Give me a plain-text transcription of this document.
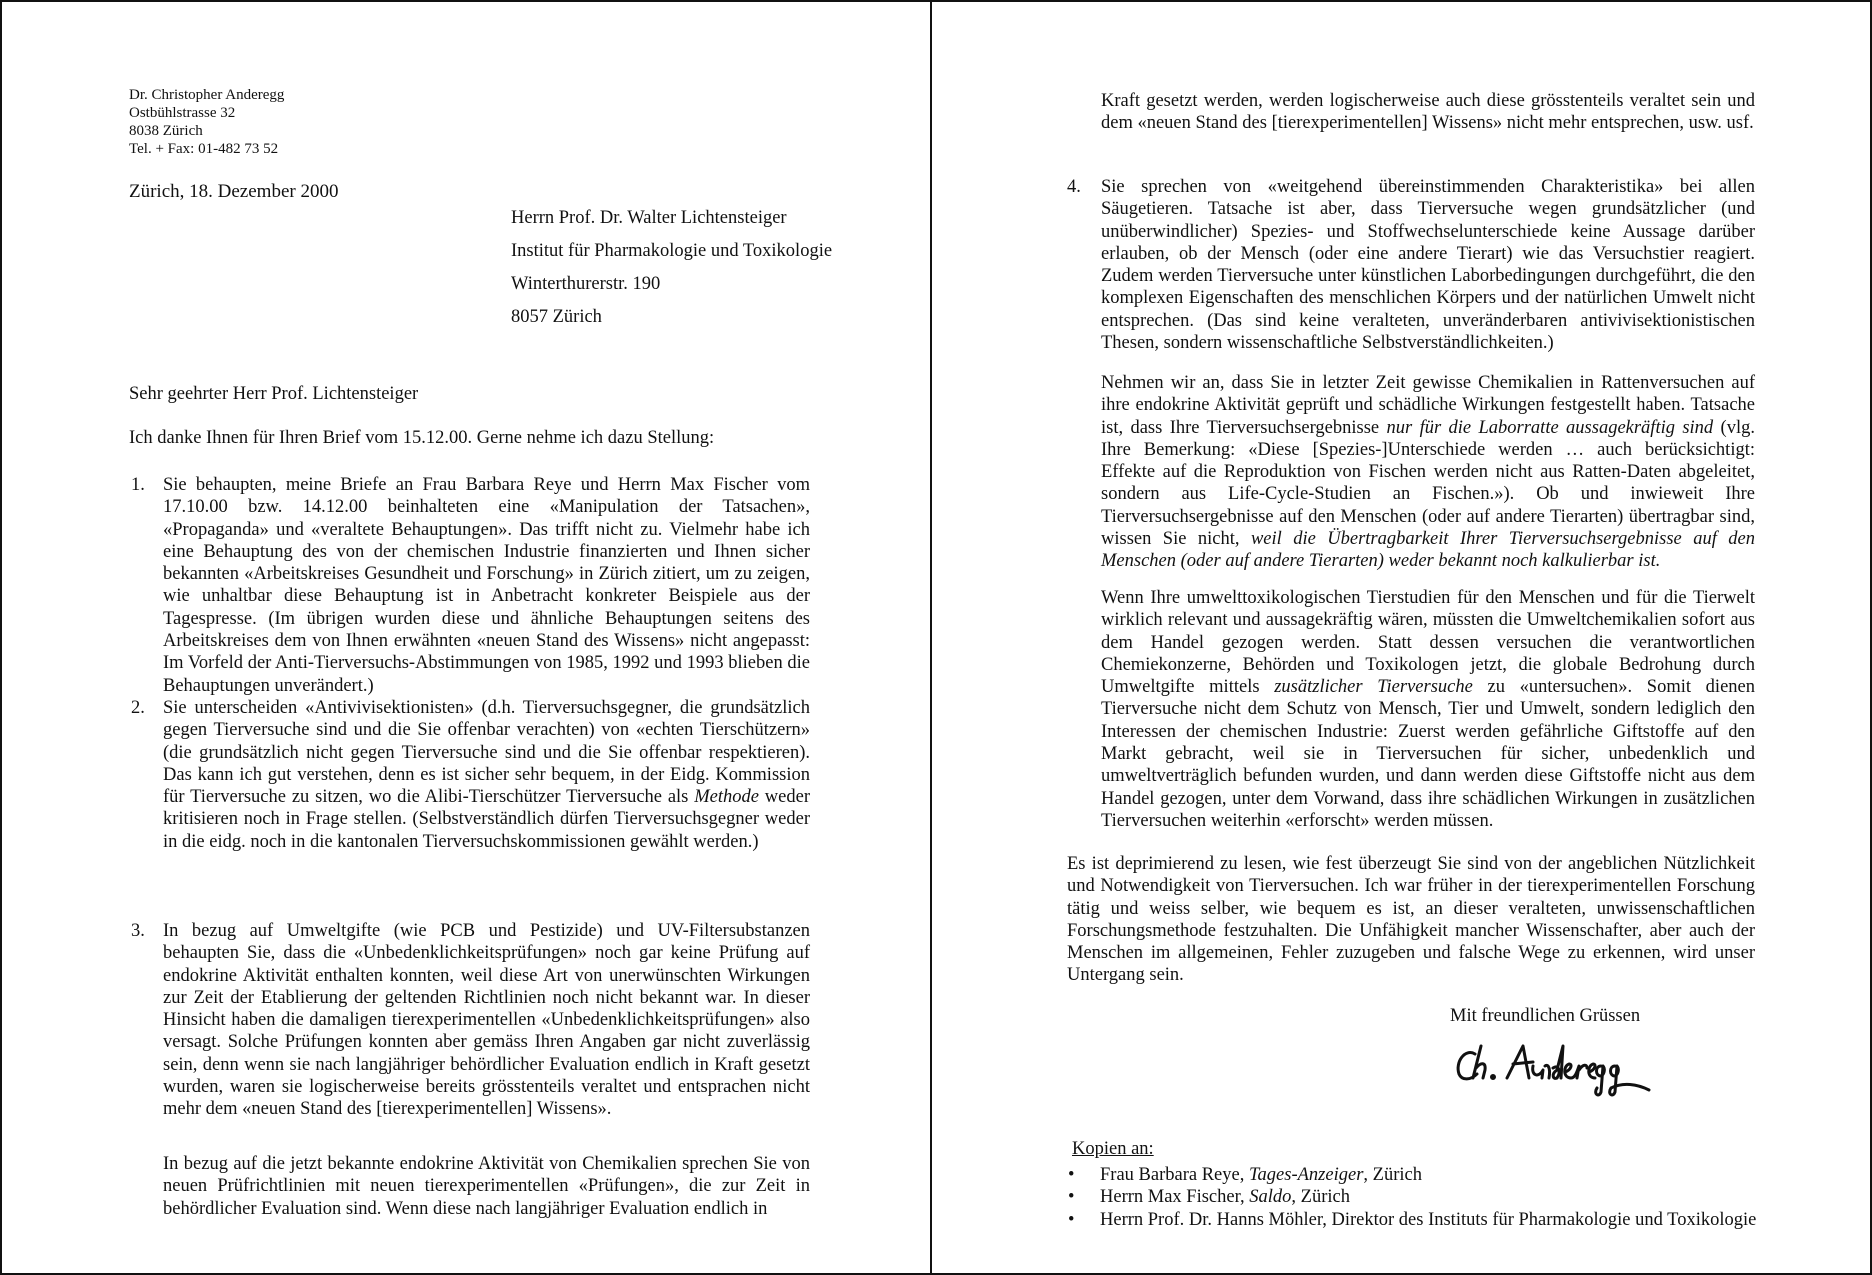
Dr. Christopher Anderegg
Ostbühlstrasse 32
8038 Zürich
Tel. + Fax: 01-482 73 52
Zürich, 18. Dezember 2000
Herrn Prof. Dr. Walter Lichtensteiger
Institut für Pharmakologie und Toxikologie
Winterthurerstr. 190
8057 Zürich
Sehr geehrter Herr Prof. Lichtensteiger
Ich danke Ihnen für Ihren Brief vom 15.12.00. Gerne nehme ich dazu Stellung:
1. Sie behaupten, meine Briefe an Frau Barbara Reye und Herrn Max Fischer vom 17.10.00 bzw. 14.12.00 beinhalteten eine «Manipulation der Tatsachen», «Propaganda» und «veraltete Behauptungen». Das trifft nicht zu. Vielmehr habe ich eine Behauptung des von der chemischen Industrie finanzierten und Ihnen sicher bekannten «Arbeitskreises Gesundheit und Forschung» in Zürich zitiert, um zu zeigen, wie unhaltbar diese Behauptung ist in Anbetracht konkreter Beispiele aus der Tagespresse. (Im übrigen wurden diese und ähnliche Behauptungen seitens des Arbeitskreises dem von Ihnen erwähnten «neuen Stand des Wissens» nicht angepasst: Im Vorfeld der Anti-Tierversuchs-Abstimmungen von 1985, 1992 und 1993 blieben die Behauptungen unverändert.)
2. Sie unterscheiden «Antivivisektionisten» (d.h. Tierversuchsgegner, die grundsätzlich gegen Tierversuche sind und die Sie offenbar verachten) von «echten Tierschützern» (die grundsätzlich nicht gegen Tierversuche sind und die Sie offenbar respektieren). Das kann ich gut verstehen, denn es ist sicher sehr bequem, in der Eidg. Kommission für Tierversuche zu sitzen, wo die Alibi-Tierschützer Tierversuche als Methode weder kritisieren noch in Frage stellen. (Selbstverständlich dürfen Tierversuchsgegner weder in die eidg. noch in die kantonalen Tierversuchskommissionen gewählt werden.)
3. In bezug auf Umweltgifte (wie PCB und Pestizide) und UV-Filtersubstanzen behaupten Sie, dass die «Unbedenklichkeitsprüfungen» noch gar keine Prüfung auf endokrine Aktivität enthalten konnten, weil diese Art von unerwünschten Wirkungen zur Zeit der Etablierung der geltenden Richtlinien noch nicht bekannt war. In dieser Hinsicht haben die damaligen tierexperimentellen «Unbedenklichkeitsprüfungen» also versagt. Solche Prüfungen konnten aber gemäss Ihren Angaben gar nicht zuverlässig sein, denn wenn sie nach langjähriger behördlicher Evaluation endlich in Kraft gesetzt wurden, waren sie logischerweise bereits grösstenteils veraltet und entsprachen nicht mehr dem «neuen Stand des [tierexperimentellen] Wissens».
In bezug auf die jetzt bekannte endokrine Aktivität von Chemikalien sprechen Sie von neuen Prüfrichtlinien mit neuen tierexperimentellen «Prüfungen», die zur Zeit in behördlicher Evaluation sind. Wenn diese nach langjähriger Evaluation endlich in
Kraft gesetzt werden, werden logischerweise auch diese grösstenteils veraltet sein und dem «neuen Stand des [tierexperimentellen] Wissens» nicht mehr entsprechen, usw. usf.
4. Sie sprechen von «weitgehend übereinstimmenden Charakteristika» bei allen Säugetieren. Tatsache ist aber, dass Tierversuche wegen grundsätzlicher (und unüberwindlicher) Spezies- und Stoffwechselunterschiede keine Aussage darüber erlauben, ob der Mensch (oder eine andere Tierart) wie das Versuchstier reagiert. Zudem werden Tierversuche unter künstlichen Laborbedingungen durchgeführt, die den komplexen Eigenschaften des menschlichen Körpers und der natürlichen Umwelt nicht entsprechen. (Das sind keine veralteten, unveränderbaren antivivisektionistischen Thesen, sondern wissenschaftliche Selbstverständlichkeiten.)
Nehmen wir an, dass Sie in letzter Zeit gewisse Chemikalien in Rattenversuchen auf ihre endokrine Aktivität geprüft und schädliche Wirkungen festgestellt haben. Tatsache ist, dass Ihre Tierversuchsergebnisse nur für die Laborratte aussagekräftig sind (vlg. Ihre Bemerkung: «Diese [Spezies-]Unterschiede werden … auch berücksichtigt: Effekte auf die Reproduktion von Fischen werden nicht aus Ratten-Daten abgeleitet, sondern aus Life-Cycle-Studien an Fischen.»). Ob und inwieweit Ihre Tierversuchsergebnisse auf den Menschen (oder auf andere Tierarten) übertragbar sind, wissen Sie nicht, weil die Übertragbarkeit Ihrer Tierversuchsergebnisse auf den Menschen (oder auf andere Tierarten) weder bekannt noch kalkulierbar ist.
Wenn Ihre umwelttoxikologischen Tierstudien für den Menschen und für die Tierwelt wirklich relevant und aussagekräftig wären, müssten die Umweltchemikalien sofort aus dem Handel gezogen werden. Statt dessen versuchen die verantwortlichen Chemiekonzerne, Behörden und Toxikologen jetzt, die globale Bedrohung durch Umweltgifte mittels zusätzlicher Tierversuche zu «untersuchen». Somit dienen Tierversuche nicht dem Schutz von Mensch, Tier und Umwelt, sondern lediglich den Interessen der chemischen Industrie: Zuerst werden gefährliche Giftstoffe auf den Markt gebracht, weil sie in Tierversuchen für sicher, unbedenklich und umweltverträglich befunden wurden, und dann werden diese Giftstoffe nicht aus dem Handel gezogen, unter dem Vorwand, dass ihre schädlichen Wirkungen in zusätzlichen Tierversuchen weiterhin «erforscht» werden müssen.
Es ist deprimierend zu lesen, wie fest überzeugt Sie sind von der angeblichen Nützlichkeit und Notwendigkeit von Tierversuchen. Ich war früher in der tierexperimentellen Forschung tätig und weiss selber, wie bequem es ist, an dieser veralteten, unwissenschaftlichen Forschungsmethode festzuhalten. Die Unfähigkeit mancher Wissenschafter, aber auch der Menschen im allgemeinen, Fehler zuzugeben und falsche Wege zu erkennen, wird unser Untergang sein.
Mit freundlichen Grüssen
Kopien an:
• Frau Barbara Reye, Tages-Anzeiger, Zürich
• Herrn Max Fischer, Saldo, Zürich
• Herrn Prof. Dr. Hanns Möhler, Direktor des Instituts für Pharmakologie und Toxikologie
